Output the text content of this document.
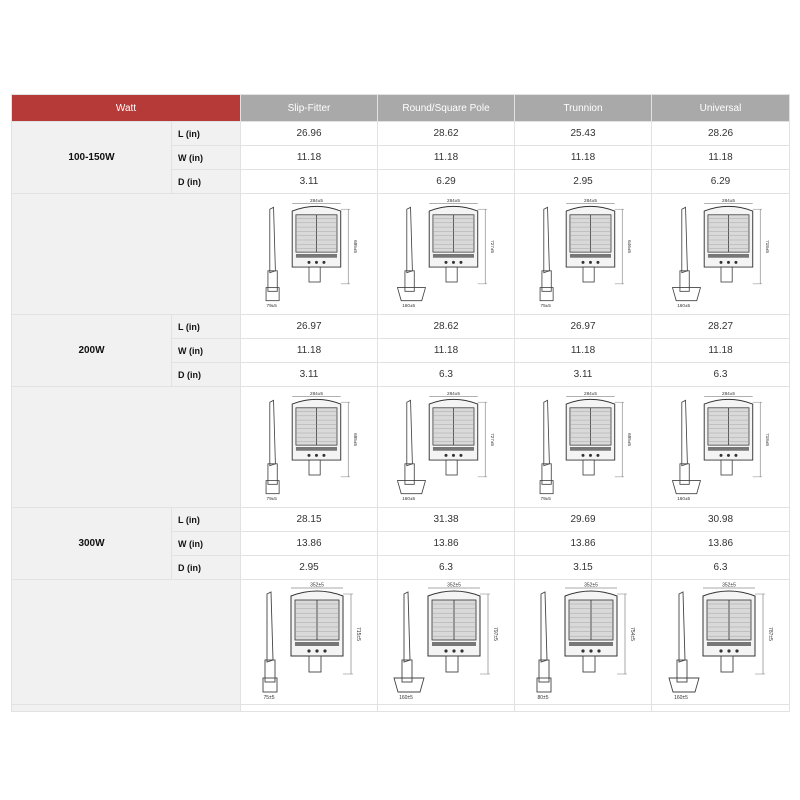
Watt		Slip-Fitter	Round/Square Pole	Trunnion	Universal
100-150W	L (in)	26.96	28.62	25.43	28.26
	W (in)	11.18	11.18	11.18	11.18
	D (in)	3.11	6.29	2.95	6.29

284±5
685±5
79±5	284±5
727±5
160±5	284±5
646±5
75±5	284±5
718±5
160±5

200W	L (in)	26.97	28.62	26.97	28.27
	W (in)	11.18	11.18	11.18	11.18
	D (in)	3.11	6.3	3.11	6.3

284±5
685±5
79±5	284±5
727±5
160±5	284±5
685±5
79±5	284±5
718±5
160±5

300W	L (in)	28.15	31.38	29.69	30.98
	W (in)	13.86	13.86	13.86	13.86
	D (in)	2.95	6.3	3.15	6.3

352±5
715±5
75±5	352±5
797±5
160±5	352±5
754±5
80±5	352±5
787±5
160±5
